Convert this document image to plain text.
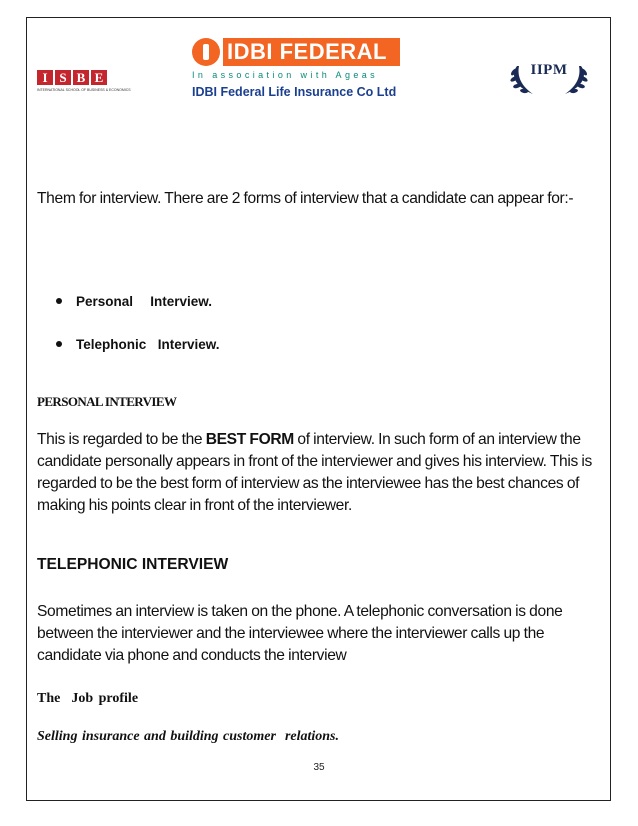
I S B E
INTERNATIONAL SCHOOL OF BUSINESS & ECONOMICS
IDBI FEDERAL
In association with Ageas
IDBI Federal Life Insurance Co Ltd
IIPM
Them for interview. There are 2 forms of interview that a candidate can appear for:-
Personal   Interview.
Telephonic  Interview.
PERSONAL INTERVIEW
This is regarded to be the BEST FORM of interview. In such form of an interview the candidate personally appears in front of the interviewer and gives his interview. This is regarded to be the best form of interview as the interviewee has the best chances of making his points clear in front of the interviewer.
TELEPHONIC INTERVIEW
Sometimes an interview is taken on the phone. A telephonic conversation is done between the interviewer and the interviewee where the interviewer calls up the candidate via phone and conducts the interview
The  Job profile
Selling insurance and building customer  relations.
35
